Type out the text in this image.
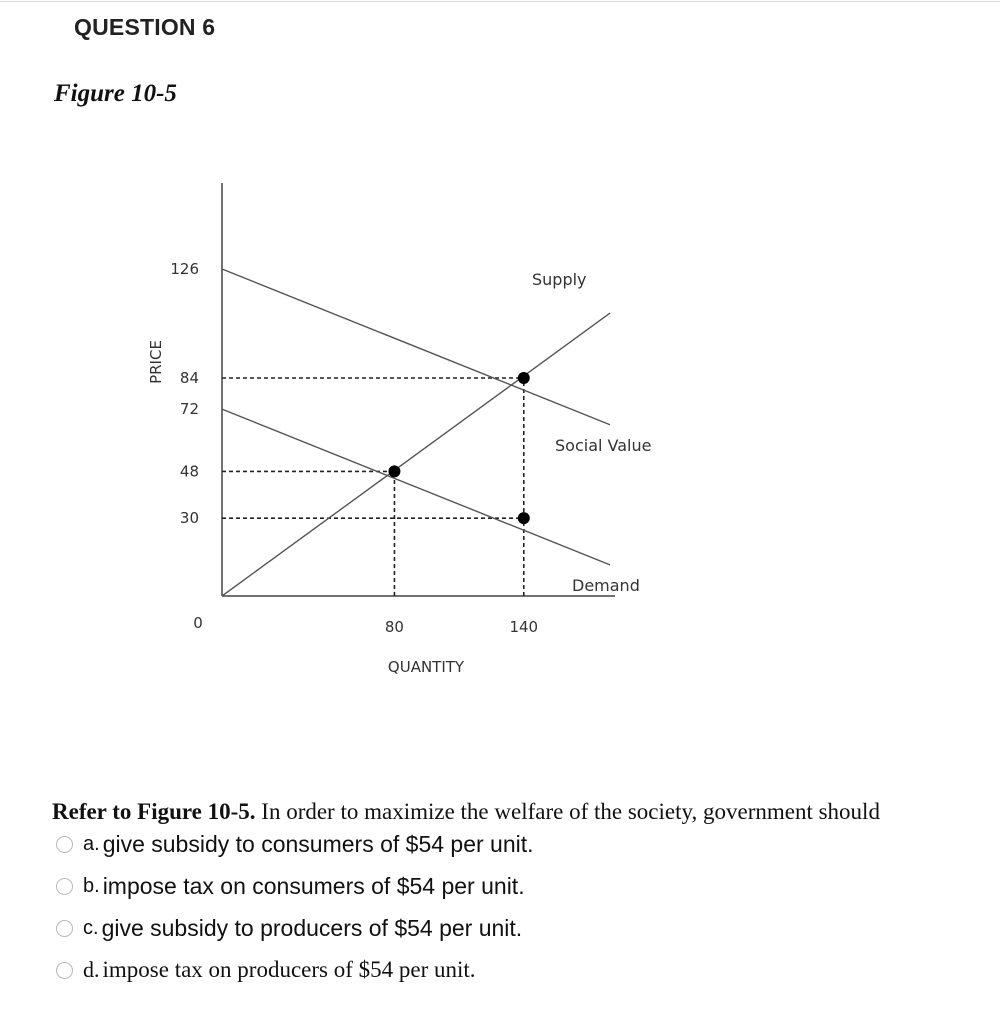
QUESTION 6
Figure 10-5
126
84
72
48
30
80	140
PRICE
0
QUANTITY
Supply
Social Value
Demand
Refer to Figure 10-5. In order to maximize the welfare of the society, government should
a. give subsidy to consumers of $54 per unit.
b. impose tax on consumers of $54 per unit.
c. give subsidy to producers of $54 per unit.
d. impose tax on producers of $54 per unit.
